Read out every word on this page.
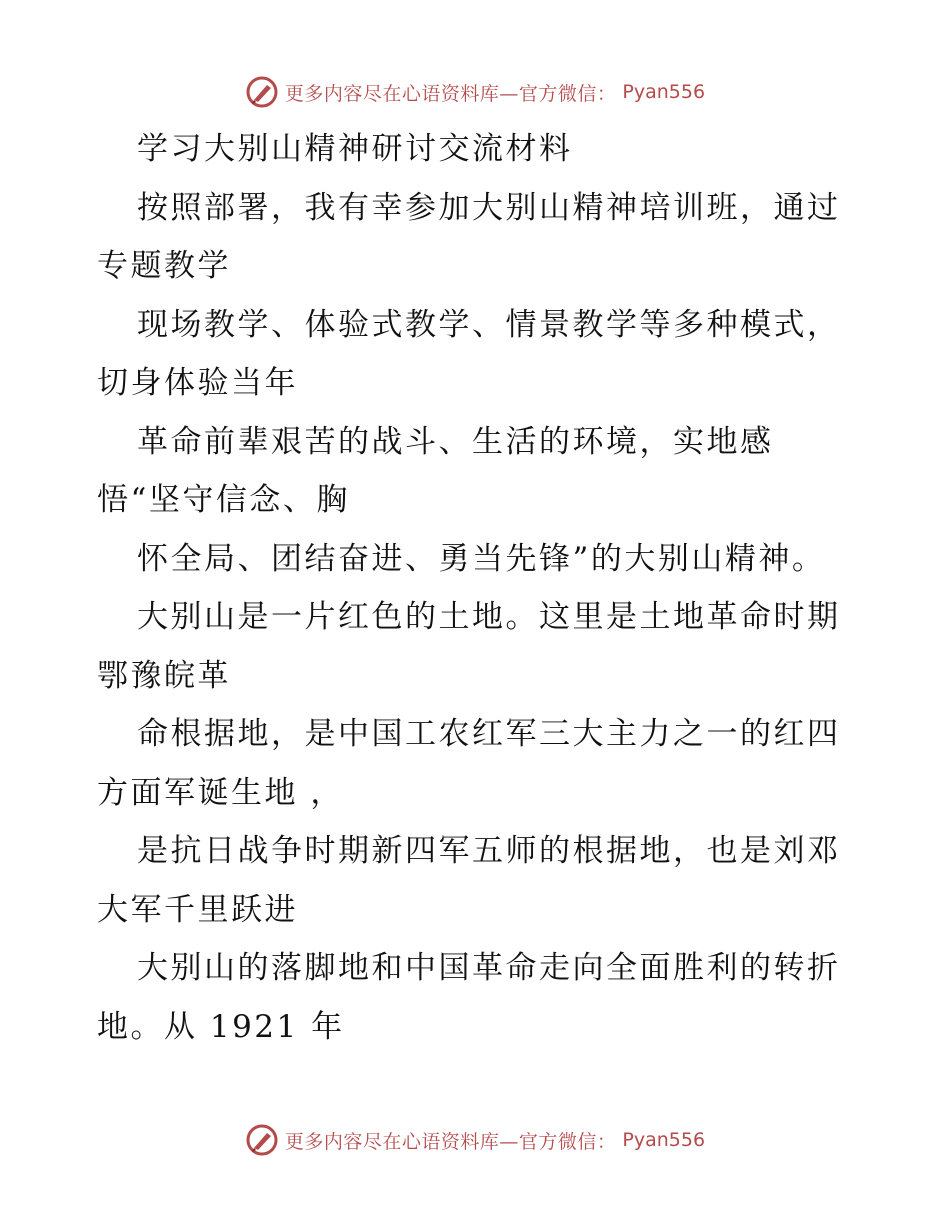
更多内容尽在心语资料库—官方微信： Pyan556
学习大别山精神研讨交流材料
按照部署，我有幸参加大别山精神培训班，通过
专题教学
现场教学、体验式教学、情景教学等多种模式，
切身体验当年
革命前辈艰苦的战斗、生活的环境，实地感
悟“坚守信念、胸
怀全局、团结奋进、勇当先锋”的大别山精神。
大别山是一片红色的土地。这里是土地革命时期
鄂豫皖革
命根据地，是中国工农红军三大主力之一的红四
方面军诞生地 ，
是抗日战争时期新四军五师的根据地，也是刘邓
大军千里跃进
大别山的落脚地和中国革命走向全面胜利的转折
地。从 1921 年
更多内容尽在心语资料库—官方微信： Pyan556
